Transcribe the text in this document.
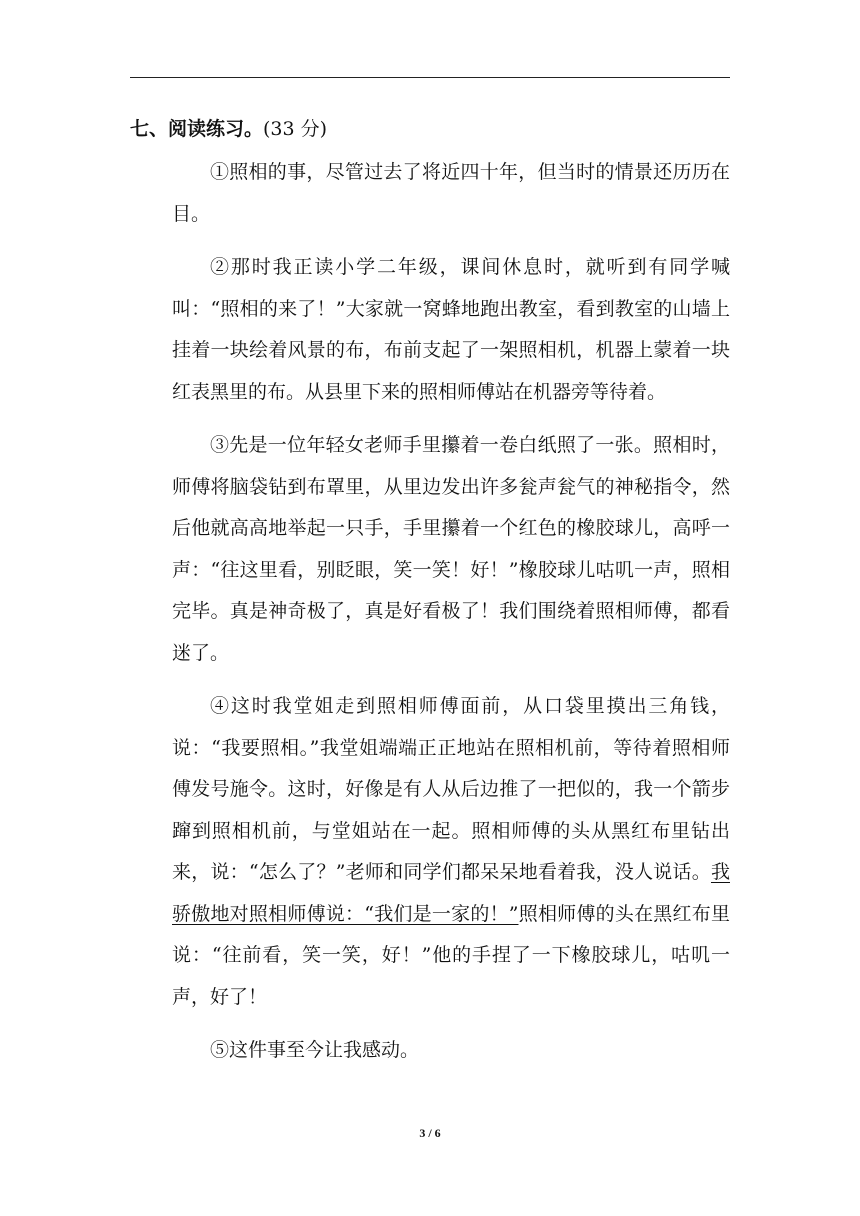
七、阅读练习。(33 分)

①照相的事，尽管过去了将近四十年，但当时的情景还历历在目。

②那时我正读小学二年级，课间休息时，就听到有同学喊叫：“照相的来了！”大家就一窝蜂地跑出教室，看到教室的山墙上挂着一块绘着风景的布，布前支起了一架照相机，机器上蒙着一块红表黑里的布。从县里下来的照相师傅站在机器旁等待着。

③先是一位年轻女老师手里攥着一卷白纸照了一张。照相时，师傅将脑袋钻到布罩里，从里边发出许多瓮声瓮气的神秘指令，然后他就高高地举起一只手，手里攥着一个红色的橡胶球儿，高呼一声：“往这里看，别眨眼，笑一笑！好！”橡胶球儿咕叽一声，照相完毕。真是神奇极了，真是好看极了！我们围绕着照相师傅，都看迷了。

④这时我堂姐走到照相师傅面前，从口袋里摸出三角钱，说：“我要照相。”我堂姐端端正正地站在照相机前，等待着照相师傅发号施令。这时，好像是有人从后边推了一把似的，我一个箭步蹿到照相机前，与堂姐站在一起。照相师傅的头从黑红布里钻出来，说：“怎么了？”老师和同学们都呆呆地看着我，没人说话。我骄傲地对照相师傅说：“我们是一家的！”照相师傅的头在黑红布里说：“往前看，笑一笑，好！”他的手捏了一下橡胶球儿，咕叽一声，好了！

⑤这件事至今让我感动。

3 / 6
